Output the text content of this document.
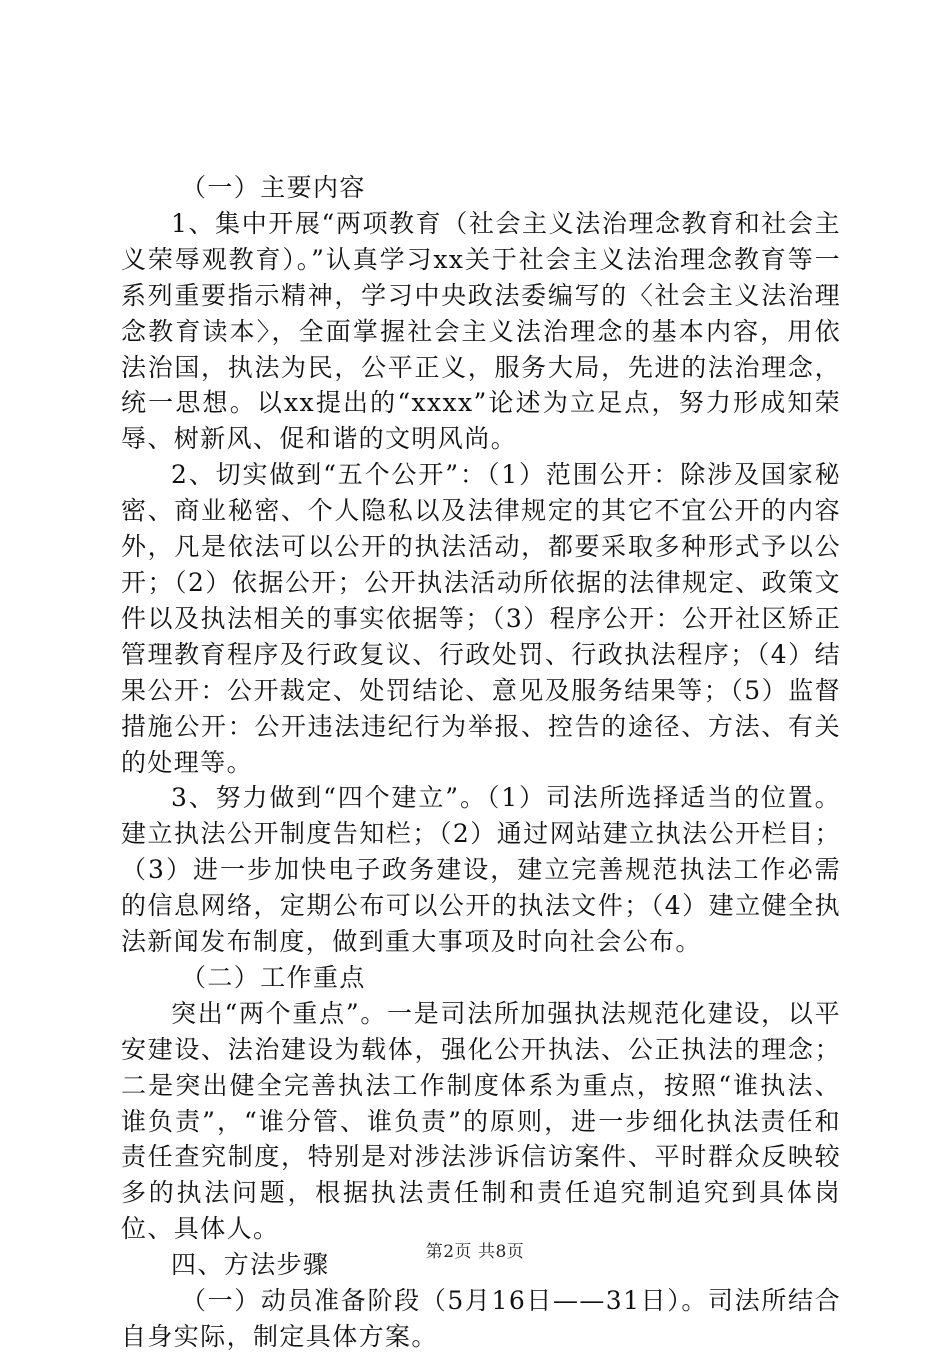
（一）主要内容

1、集中开展“两项教育（社会主义法治理念教育和社会主义荣辱观教育）。”认真学习xx关于社会主义法治理念教育等一系列重要指示精神，学习中央政法委编写的〈社会主义法治理念教育读本〉，全面掌握社会主义法治理念的基本内容，用依法治国，执法为民，公平正义，服务大局，先进的法治理念，统一思想。以xx提出的“xxxx”论述为立足点，努力形成知荣辱、树新风、促和谐的文明风尚。

2、切实做到“五个公开”：（1）范围公开：除涉及国家秘密、商业秘密、个人隐私以及法律规定的其它不宜公开的内容外，凡是依法可以公开的执法活动，都要采取多种形式予以公开；（2）依据公开；公开执法活动所依据的法律规定、政策文件以及执法相关的事实依据等；（3）程序公开：公开社区矫正管理教育程序及行政复议、行政处罚、行政执法程序；（4）结果公开：公开裁定、处罚结论、意见及服务结果等；（5）监督措施公开：公开违法违纪行为举报、控告的途径、方法、有关的处理等。

3、努力做到“四个建立”。（1）司法所选择适当的位置。建立执法公开制度告知栏；（2）通过网站建立执法公开栏目；（3）进一步加快电子政务建设，建立完善规范执法工作必需的信息网络，定期公布可以公开的执法文件；（4）建立健全执法新闻发布制度，做到重大事项及时向社会公布。

（二）工作重点

突出“两个重点”。一是司法所加强执法规范化建设，以平安建设、法治建设为载体，强化公开执法、公正执法的理念；二是突出健全完善执法工作制度体系为重点，按照“谁执法、谁负责”，“谁分管、谁负责”的原则，进一步细化执法责任和责任查究制度，特别是对涉法涉诉信访案件、平时群众反映较多的执法问题，根据执法责任制和责任追究制追究到具体岗位、具体人。

四、方法步骤

（一）动员准备阶段（5月16日——31日）。司法所结合自身实际，制定具体方案。

第2页 共8页
